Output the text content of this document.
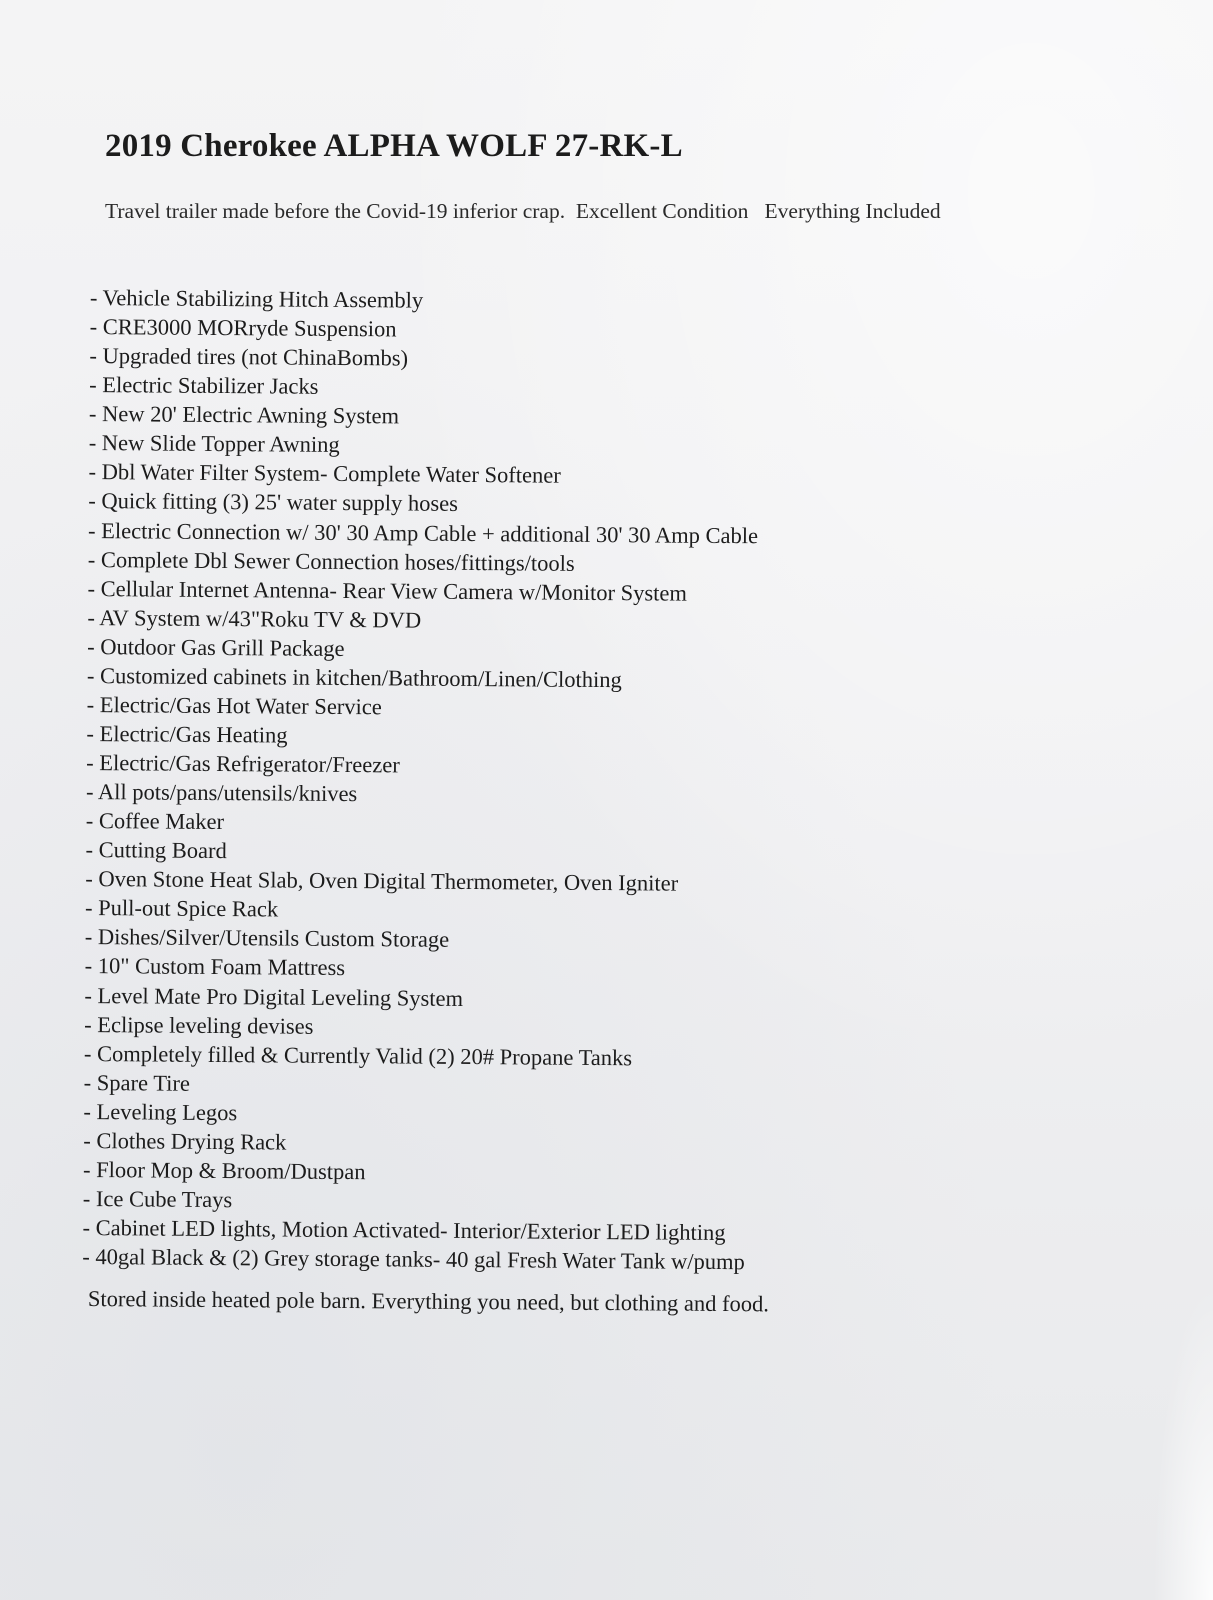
2019 Cherokee ALPHA WOLF 27-RK-L

Travel trailer made before the Covid-19 inferior crap.  Excellent Condition   Everything Included

- Vehicle Stabilizing Hitch Assembly
- CRE3000 MORryde Suspension
- Upgraded tires (not ChinaBombs)
- Electric Stabilizer Jacks
- New 20' Electric Awning System
- New Slide Topper Awning
- Dbl Water Filter System- Complete Water Softener
- Quick fitting (3) 25' water supply hoses
- Electric Connection w/ 30' 30 Amp Cable + additional 30' 30 Amp Cable
- Complete Dbl Sewer Connection hoses/fittings/tools
- Cellular Internet Antenna- Rear View Camera w/Monitor System
- AV System w/43"Roku TV & DVD
- Outdoor Gas Grill Package
- Customized cabinets in kitchen/Bathroom/Linen/Clothing
- Electric/Gas Hot Water Service
- Electric/Gas Heating
- Electric/Gas Refrigerator/Freezer
- All pots/pans/utensils/knives
- Coffee Maker
- Cutting Board
- Oven Stone Heat Slab, Oven Digital Thermometer, Oven Igniter
- Pull-out Spice Rack
- Dishes/Silver/Utensils Custom Storage
- 10" Custom Foam Mattress
- Level Mate Pro Digital Leveling System
- Eclipse leveling devises
- Completely filled & Currently Valid (2) 20# Propane Tanks
- Spare Tire
- Leveling Legos
- Clothes Drying Rack
- Floor Mop & Broom/Dustpan
- Ice Cube Trays
- Cabinet LED lights, Motion Activated- Interior/Exterior LED lighting
- 40gal Black & (2) Grey storage tanks- 40 gal Fresh Water Tank w/pump

Stored inside heated pole barn. Everything you need, but clothing and food.
